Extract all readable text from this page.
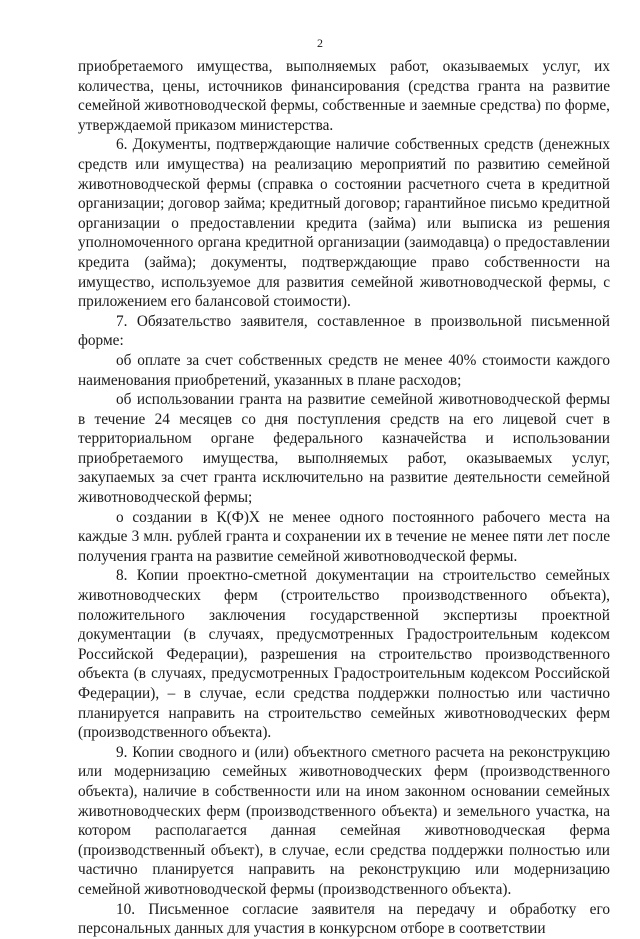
2

приобретаемого имущества, выполняемых работ, оказываемых услуг, их количества, цены, источников финансирования (средства гранта на развитие семейной животноводческой фермы, собственные и заемные средства) по форме, утверждаемой приказом министерства.

6. Документы, подтверждающие наличие собственных средств (денежных средств или имущества) на реализацию мероприятий по развитию семейной животноводческой фермы (справка о состоянии расчетного счета в кредитной организации; договор займа; кредитный договор; гарантийное письмо кредитной организации о предоставлении кредита (займа) или выписка из решения уполномоченного органа кредитной организации (заимодавца) о предоставлении кредита (займа); документы, подтверждающие право собственности на имущество, используемое для развития семейной животноводческой фермы, с приложением его балансовой стоимости).

7. Обязательство заявителя, составленное в произвольной письменной форме:

об оплате за счет собственных средств не менее 40% стоимости каждого наименования приобретений, указанных в плане расходов;

об использовании гранта на развитие семейной животноводческой фермы в течение 24 месяцев со дня поступления средств на его лицевой счет в территориальном органе федерального казначейства и использовании приобретаемого имущества, выполняемых работ, оказываемых услуг, закупаемых за счет гранта исключительно на развитие деятельности семейной животноводческой фермы;

о создании в К(Ф)Х не менее одного постоянного рабочего места на каждые 3 млн. рублей гранта и сохранении их в течение не менее пяти лет после получения гранта на развитие семейной животноводческой фермы.

8. Копии проектно-сметной документации на строительство семейных животноводческих ферм (строительство производственного объекта), положительного заключения государственной экспертизы проектной документации (в случаях, предусмотренных Градостроительным кодексом Российской Федерации), разрешения на строительство производственного объекта (в случаях, предусмотренных Градостроительным кодексом Российской Федерации), – в случае, если средства поддержки полностью или частично планируется направить на строительство семейных животноводческих ферм (производственного объекта).

9. Копии сводного и (или) объектного сметного расчета на реконструкцию или модернизацию семейных животноводческих ферм (производственного объекта), наличие в собственности или на ином законном основании семейных животноводческих ферм (производственного объекта) и земельного участка, на котором располагается данная семейная животноводческая ферма (производственный объект), в случае, если средства поддержки полностью или частично планируется направить на реконструкцию или модернизацию семейной животноводческой фермы (производственного объекта).

10. Письменное согласие заявителя на передачу и обработку его персональных данных для участия в конкурсном отборе в соответствии
